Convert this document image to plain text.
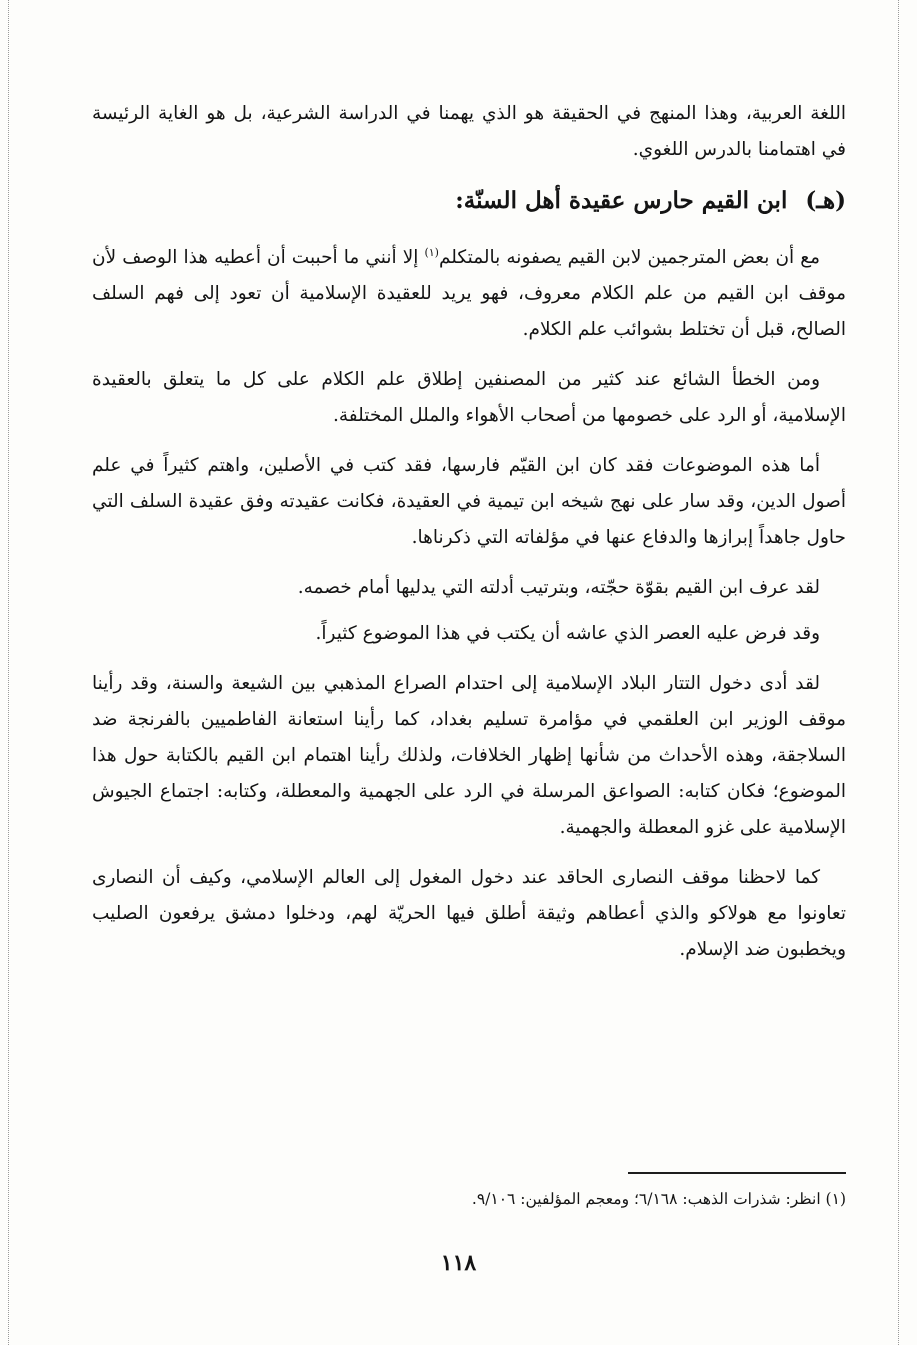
اللغة العربية، وهذا المنهج في الحقيقة هو الذي يهمنا في الدراسة الشرعية، بل هو الغاية الرئيسة في اهتمامنا بالدرس اللغوي.

(هـ) ابن القيم حارس عقيدة أهل السنّة:

مع أن بعض المترجمين لابن القيم يصفونه بالمتكلم$^{(١)}$ إلا أنني ما أحببت أن أعطيه هذا الوصف لأن موقف ابن القيم من علم الكلام معروف، فهو يريد للعقيدة الإسلامية أن تعود إلى فهم السلف الصالح، قبل أن تختلط بشوائب علم الكلام.

ومن الخطأ الشائع عند كثير من المصنفين إطلاق علم الكلام على كل ما يتعلق بالعقيدة الإسلامية، أو الرد على خصومها من أصحاب الأهواء والملل المختلفة.

أما هذه الموضوعات فقد كان ابن القيّم فارسها، فقد كتب في الأصلين، واهتم كثيراً في علم أصول الدين، وقد سار على نهج شيخه ابن تيمية في العقيدة، فكانت عقيدته وفق عقيدة السلف التي حاول جاهداً إبرازها والدفاع عنها في مؤلفاته التي ذكرناها.

لقد عرف ابن القيم بقوّة حجّته، وبترتيب أدلته التي يدليها أمام خصمه.

وقد فرض عليه العصر الذي عاشه أن يكتب في هذا الموضوع كثيراً.

لقد أدى دخول التتار البلاد الإسلامية إلى احتدام الصراع المذهبي بين الشيعة والسنة، وقد رأينا موقف الوزير ابن العلقمي في مؤامرة تسليم بغداد، كما رأينا استعانة الفاطميين بالفرنجة ضد السلاجقة، وهذه الأحداث من شأنها إظهار الخلافات، ولذلك رأينا اهتمام ابن القيم بالكتابة حول هذا الموضوع؛ فكان كتابه: الصواعق المرسلة في الرد على الجهمية والمعطلة، وكتابه: اجتماع الجيوش الإسلامية على غزو المعطلة والجهمية.

كما لاحظنا موقف النصارى الحاقد عند دخول المغول إلى العالم الإسلامي، وكيف أن النصارى تعاونوا مع هولاكو والذي أعطاهم وثيقة أطلق فيها الحريّة لهم، ودخلوا دمشق يرفعون الصليب ويخطبون ضد الإسلام.

(١) انظر: شذرات الذهب: ٦/١٦٨؛ ومعجم المؤلفين: ٩/١٠٦.
١١٨
